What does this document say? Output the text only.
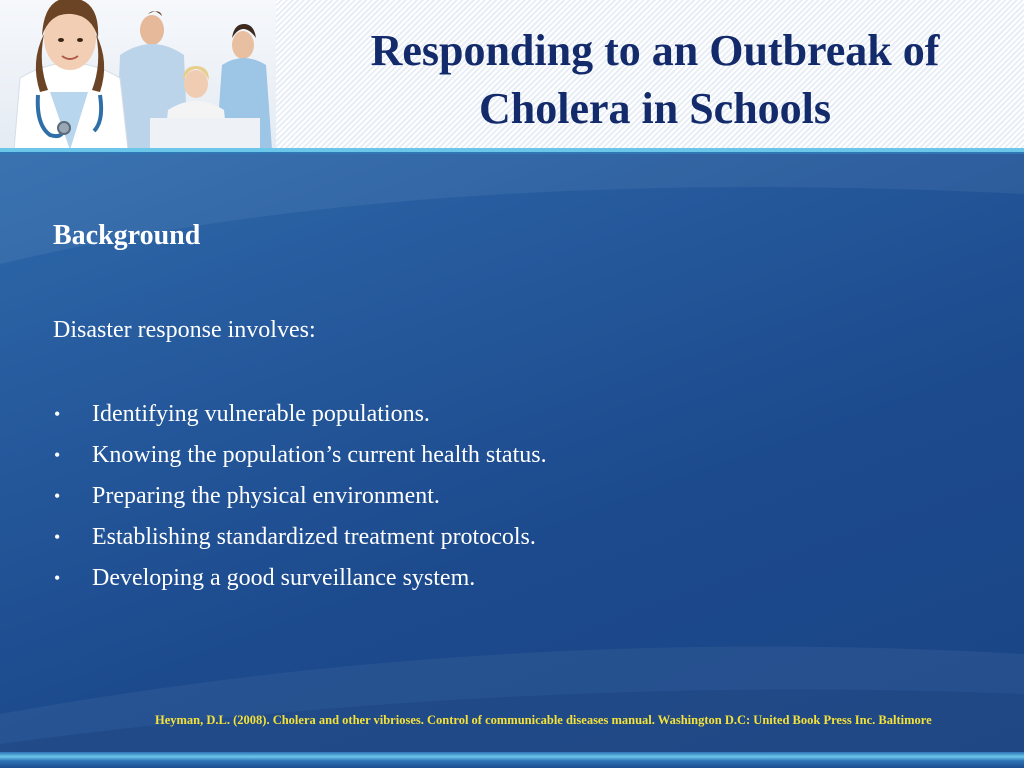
Responding to an Outbreak of
Cholera in Schools
Background
Disaster response involves:
• Identifying vulnerable populations.
• Knowing the population’s current health status.
• Preparing the physical environment.
• Establishing standardized treatment protocols.
• Developing a good surveillance system.
Heyman, D.L. (2008). Cholera and other vibrioses. Control of communicable diseases manual. Washington D.C: United Book Press Inc. Baltimore
